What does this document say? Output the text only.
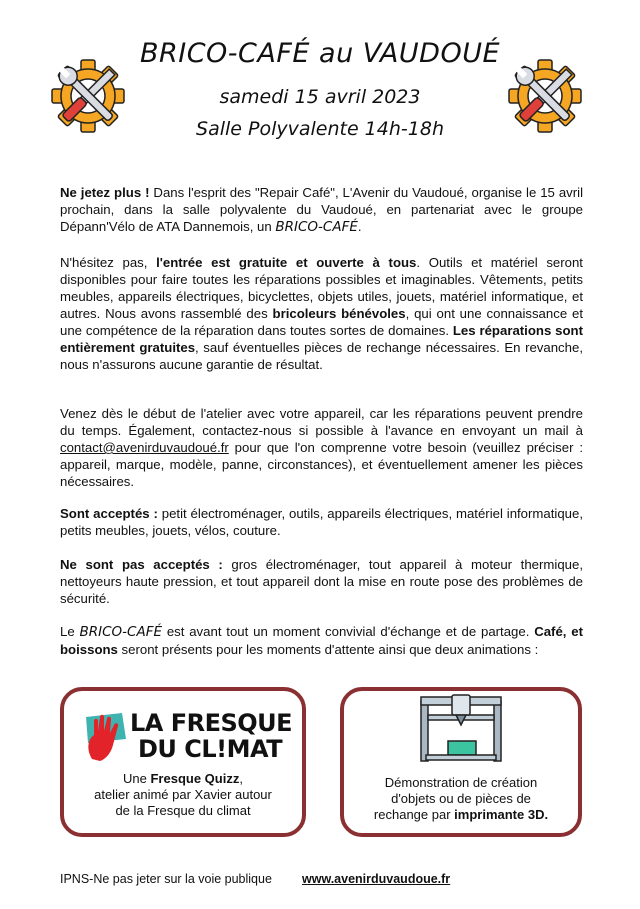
BRICO-CAFÉ au VAUDOUÉ
samedi 15 avril 2023
Salle Polyvalente 14h-18h

Ne jetez plus ! Dans l'esprit des "Repair Café", L'Avenir du Vaudoué, organise le 15 avril prochain, dans la salle polyvalente du Vaudoué, en partenariat avec le groupe Dépann'Vélo de ATA Dannemois, un BRICO-CAFÉ.

N'hésitez pas, l'entrée est gratuite et ouverte à tous. Outils et matériel seront disponibles pour faire toutes les réparations possibles et imaginables. Vêtements, petits meubles, appareils électriques, bicyclettes, objets utiles, jouets, matériel informatique, et autres. Nous avons rassemblé des bricoleurs bénévoles, qui ont une connaissance et une compétence de la réparation dans toutes sortes de domaines. Les réparations sont entièrement gratuites, sauf éventuelles pièces de rechange nécessaires. En revanche, nous n'assurons aucune garantie de résultat.

Venez dès le début de l'atelier avec votre appareil, car les réparations peuvent prendre du temps. Également, contactez-nous si possible à l'avance en envoyant un mail à contact@avenirduvaudoué.fr pour que l'on comprenne votre besoin (veuillez préciser : appareil, marque, modèle, panne, circonstances), et éventuellement amener les pièces nécessaires.

Sont acceptés : petit électroménager, outils, appareils électriques, matériel informatique, petits meubles, jouets, vélos, couture.

Ne sont pas acceptés : gros électroménager, tout appareil à moteur thermique, nettoyeurs haute pression, et tout appareil dont la mise en route pose des problèmes de sécurité.

Le BRICO-CAFÉ est avant tout un moment convivial d'échange et de partage. Café, et boissons seront présents pour les moments d'attente ainsi que deux animations :

LA FRESQUE
DU CL!MAT
Une Fresque Quizz,
atelier animé par Xavier autour
de la Fresque du climat
Démonstration de création
d'objets ou de pièces de
rechange par imprimante 3D.
IPNS-Ne pas jeter sur la voie publique www.avenirduvaudoue.fr
